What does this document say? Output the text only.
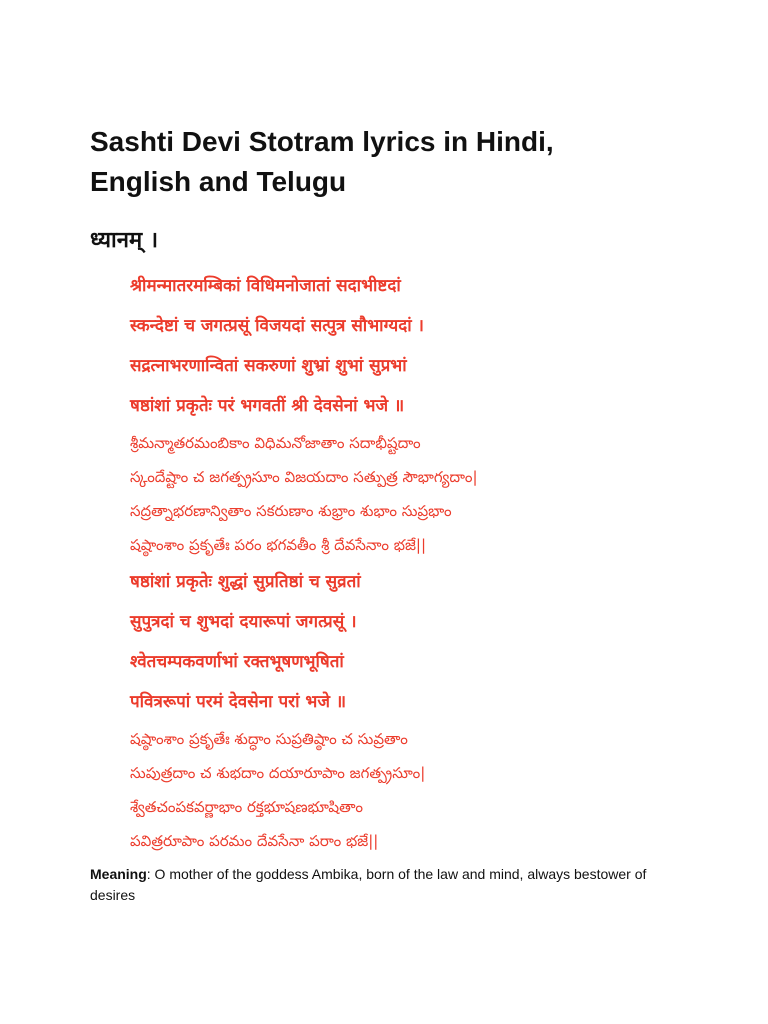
Sashti Devi Stotram lyrics in Hindi, English and Telugu
ध्यानम् ।
श्रीमन्मातरमम्बिकां विधिमनोजातां सदाभीष्टदां
स्कन्देष्टां च जगत्प्रसूं विजयदां सत्पुत्र सौभाग्यदां ।
सद्रत्नाभरणान्वितां सकरुणां शुभ्रां शुभां सुप्रभां
षष्ठांशां प्रकृतेः परं भगवतीं श्री देवसेनां भजे ॥
శ్రీమన్మాతరమంబికాం విధిమనోజాతాం సదాభీష్టదాం
స్కందేష్టాం చ జగత్ప్రసూం విజయదాం సత్పుత్ర సౌభాగ్యదాం|
సద్రత్నాభరణాన్వితాం సకరుణాం శుభ్రాం శుభాం సుప్రభాం
షష్ఠాంశాం ప్రకృతేః పరం భగవతీం శ్రీ దేవసేనాం భజే||
षष्ठांशां प्रकृतेः शुद्धां सुप्रतिष्ठां च सुव्रतां
सुपुत्रदां च शुभदां दयारूपां जगत्प्रसूं ।
श्वेतचम्पकवर्णाभां रक्तभूषणभूषितां
पवित्ररूपां परमं देवसेना परां भजे ॥
షష్ఠాంశాం ప్రకృతేః శుద్ధాం సుప్రతిష్ఠాం చ సువ్రతాం
సుపుత్రదాం చ శుభదాం దయారూపాం జగత్ప్రసూం|
శ్వేతచంపకవర్ణాభాం రక్తభూషణభూషితాం
పవిత్రరూపాం పరమం దేవసేనా పరాం భజే||

Meaning: O mother of the goddess Ambika, born of the law and mind, always bestower of desires
